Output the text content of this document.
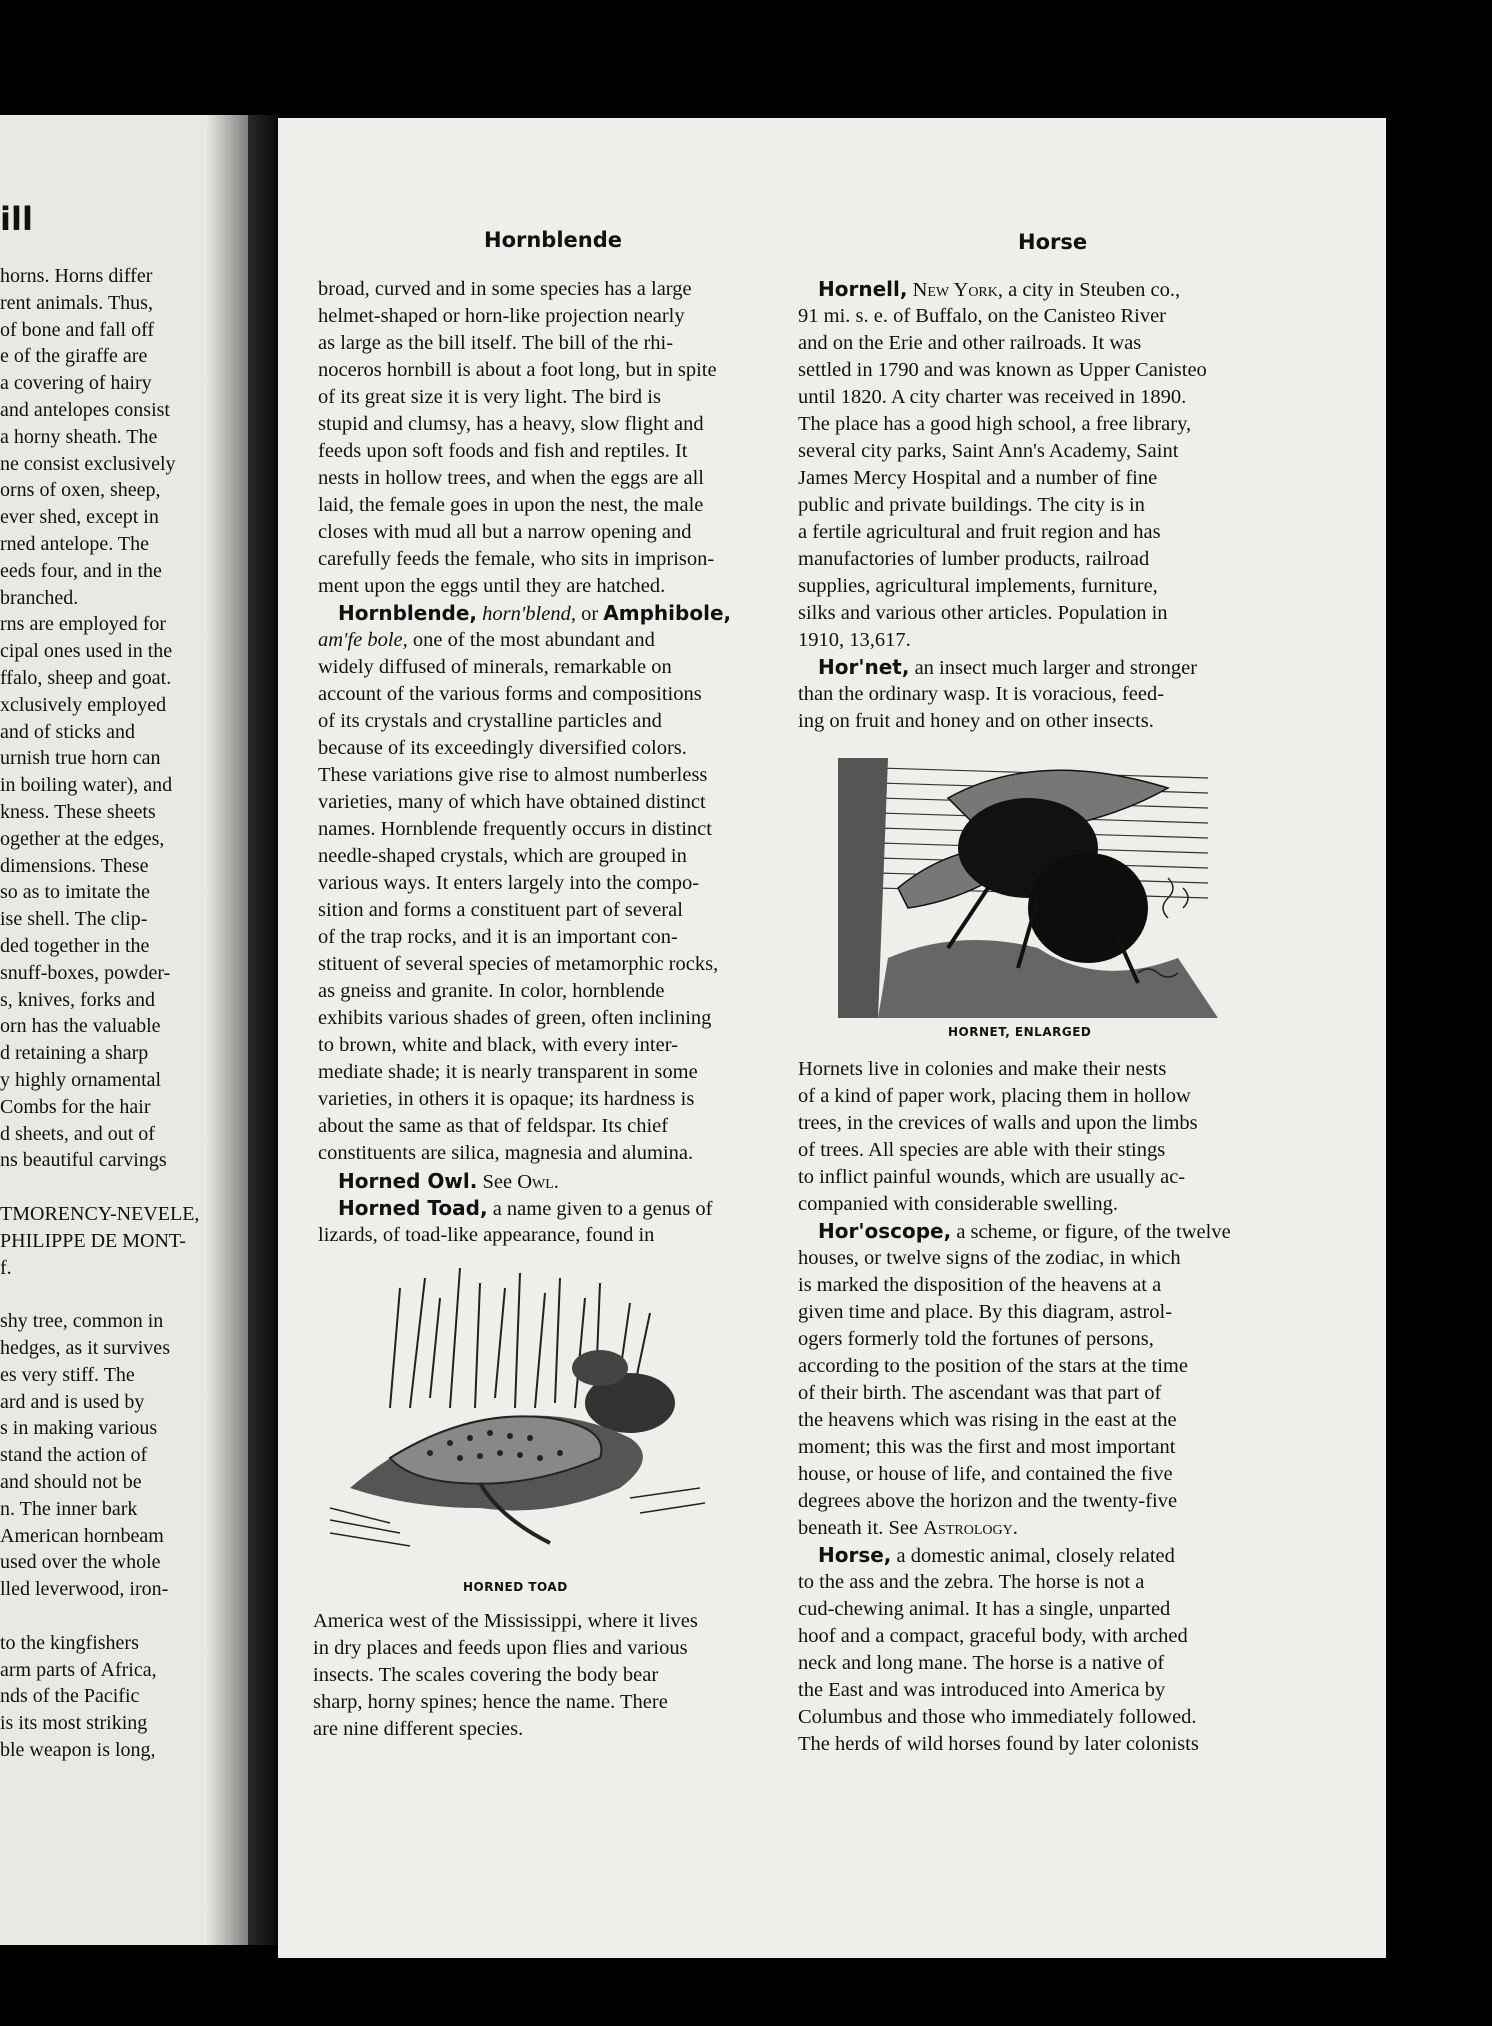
ill
horns. Horns differ
rent animals. Thus,
of bone and fall off
e of the giraffe are
a covering of hairy
and antelopes consist
a horny sheath. The
ne consist exclusively
orns of oxen, sheep,
ever shed, except in
rned antelope. The
eeds four, and in the
branched.
rns are employed for
cipal ones used in the
ffalo, sheep and goat.
xclusively employed
and of sticks and
urnish true horn can
in boiling water), and
kness. These sheets
ogether at the edges,
dimensions. These
so as to imitate the
ise shell. The clip-
ded together in the
snuff-boxes, powder-
s, knives, forks and
orn has the valuable
d retaining a sharp
y highly ornamental
Combs for the hair
d sheets, and out of
ns beautiful carvings
TMORENCY-NEVELE,
PHILIPPE DE MONT-
f.
shy tree, common in
hedges, as it survives
es very stiff. The
ard and is used by
s in making various
stand the action of
and should not be
n. The inner bark
American hornbeam
used over the whole
lled leverwood, iron-
to the kingfishers
arm parts of Africa,
nds of the Pacific
is its most striking
ble weapon is long,
Hornblende	Horse
broad, curved and in some species has a large
helmet-shaped or horn-like projection nearly
as large as the bill itself. The bill of the rhi-
noceros hornbill is about a foot long, but in spite
of its great size it is very light. The bird is
stupid and clumsy, has a heavy, slow flight and
feeds upon soft foods and fish and reptiles. It
nests in hollow trees, and when the eggs are all
laid, the female goes in upon the nest, the male
closes with mud all but a narrow opening and
carefully feeds the female, who sits in imprison-
ment upon the eggs until they are hatched.
Hornblende, horn'blend, or Amphibole,
am'fe bole, one of the most abundant and
widely diffused of minerals, remarkable on
account of the various forms and compositions
of its crystals and crystalline particles and
because of its exceedingly diversified colors.
These variations give rise to almost numberless
varieties, many of which have obtained distinct
names. Hornblende frequently occurs in distinct
needle-shaped crystals, which are grouped in
various ways. It enters largely into the compo-
sition and forms a constituent part of several
of the trap rocks, and it is an important con-
stituent of several species of metamorphic rocks,
as gneiss and granite. In color, hornblende
exhibits various shades of green, often inclining
to brown, white and black, with every inter-
mediate shade; it is nearly transparent in some
varieties, in others it is opaque; its hardness is
about the same as that of feldspar. Its chief
constituents are silica, magnesia and alumina.
Horned Owl. See Owl.
Horned Toad, a name given to a genus of
lizards, of toad-like appearance, found in
HORNED TOAD
America west of the Mississippi, where it lives
in dry places and feeds upon flies and various
insects. The scales covering the body bear
sharp, horny spines; hence the name. There
are nine different species.
Hornell, New York, a city in Steuben co.,
91 mi. s. e. of Buffalo, on the Canisteo River
and on the Erie and other railroads. It was
settled in 1790 and was known as Upper Canisteo
until 1820. A city charter was received in 1890.
The place has a good high school, a free library,
several city parks, Saint Ann's Academy, Saint
James Mercy Hospital and a number of fine
public and private buildings. The city is in
a fertile agricultural and fruit region and has
manufactories of lumber products, railroad
supplies, agricultural implements, furniture,
silks and various other articles. Population in
1910, 13,617.
Hor'net, an insect much larger and stronger
than the ordinary wasp. It is voracious, feed-
ing on fruit and honey and on other insects.
HORNET, ENLARGED
Hornets live in colonies and make their nests
of a kind of paper work, placing them in hollow
trees, in the crevices of walls and upon the limbs
of trees. All species are able with their stings
to inflict painful wounds, which are usually ac-
companied with considerable swelling.
Hor'oscope, a scheme, or figure, of the twelve
houses, or twelve signs of the zodiac, in which
is marked the disposition of the heavens at a
given time and place. By this diagram, astrol-
ogers formerly told the fortunes of persons,
according to the position of the stars at the time
of their birth. The ascendant was that part of
the heavens which was rising in the east at the
moment; this was the first and most important
house, or house of life, and contained the five
degrees above the horizon and the twenty-five
beneath it. See Astrology.
Horse, a domestic animal, closely related
to the ass and the zebra. The horse is not a
cud-chewing animal. It has a single, unparted
hoof and a compact, graceful body, with arched
neck and long mane. The horse is a native of
the East and was introduced into America by
Columbus and those who immediately followed.
The herds of wild horses found by later colonists
